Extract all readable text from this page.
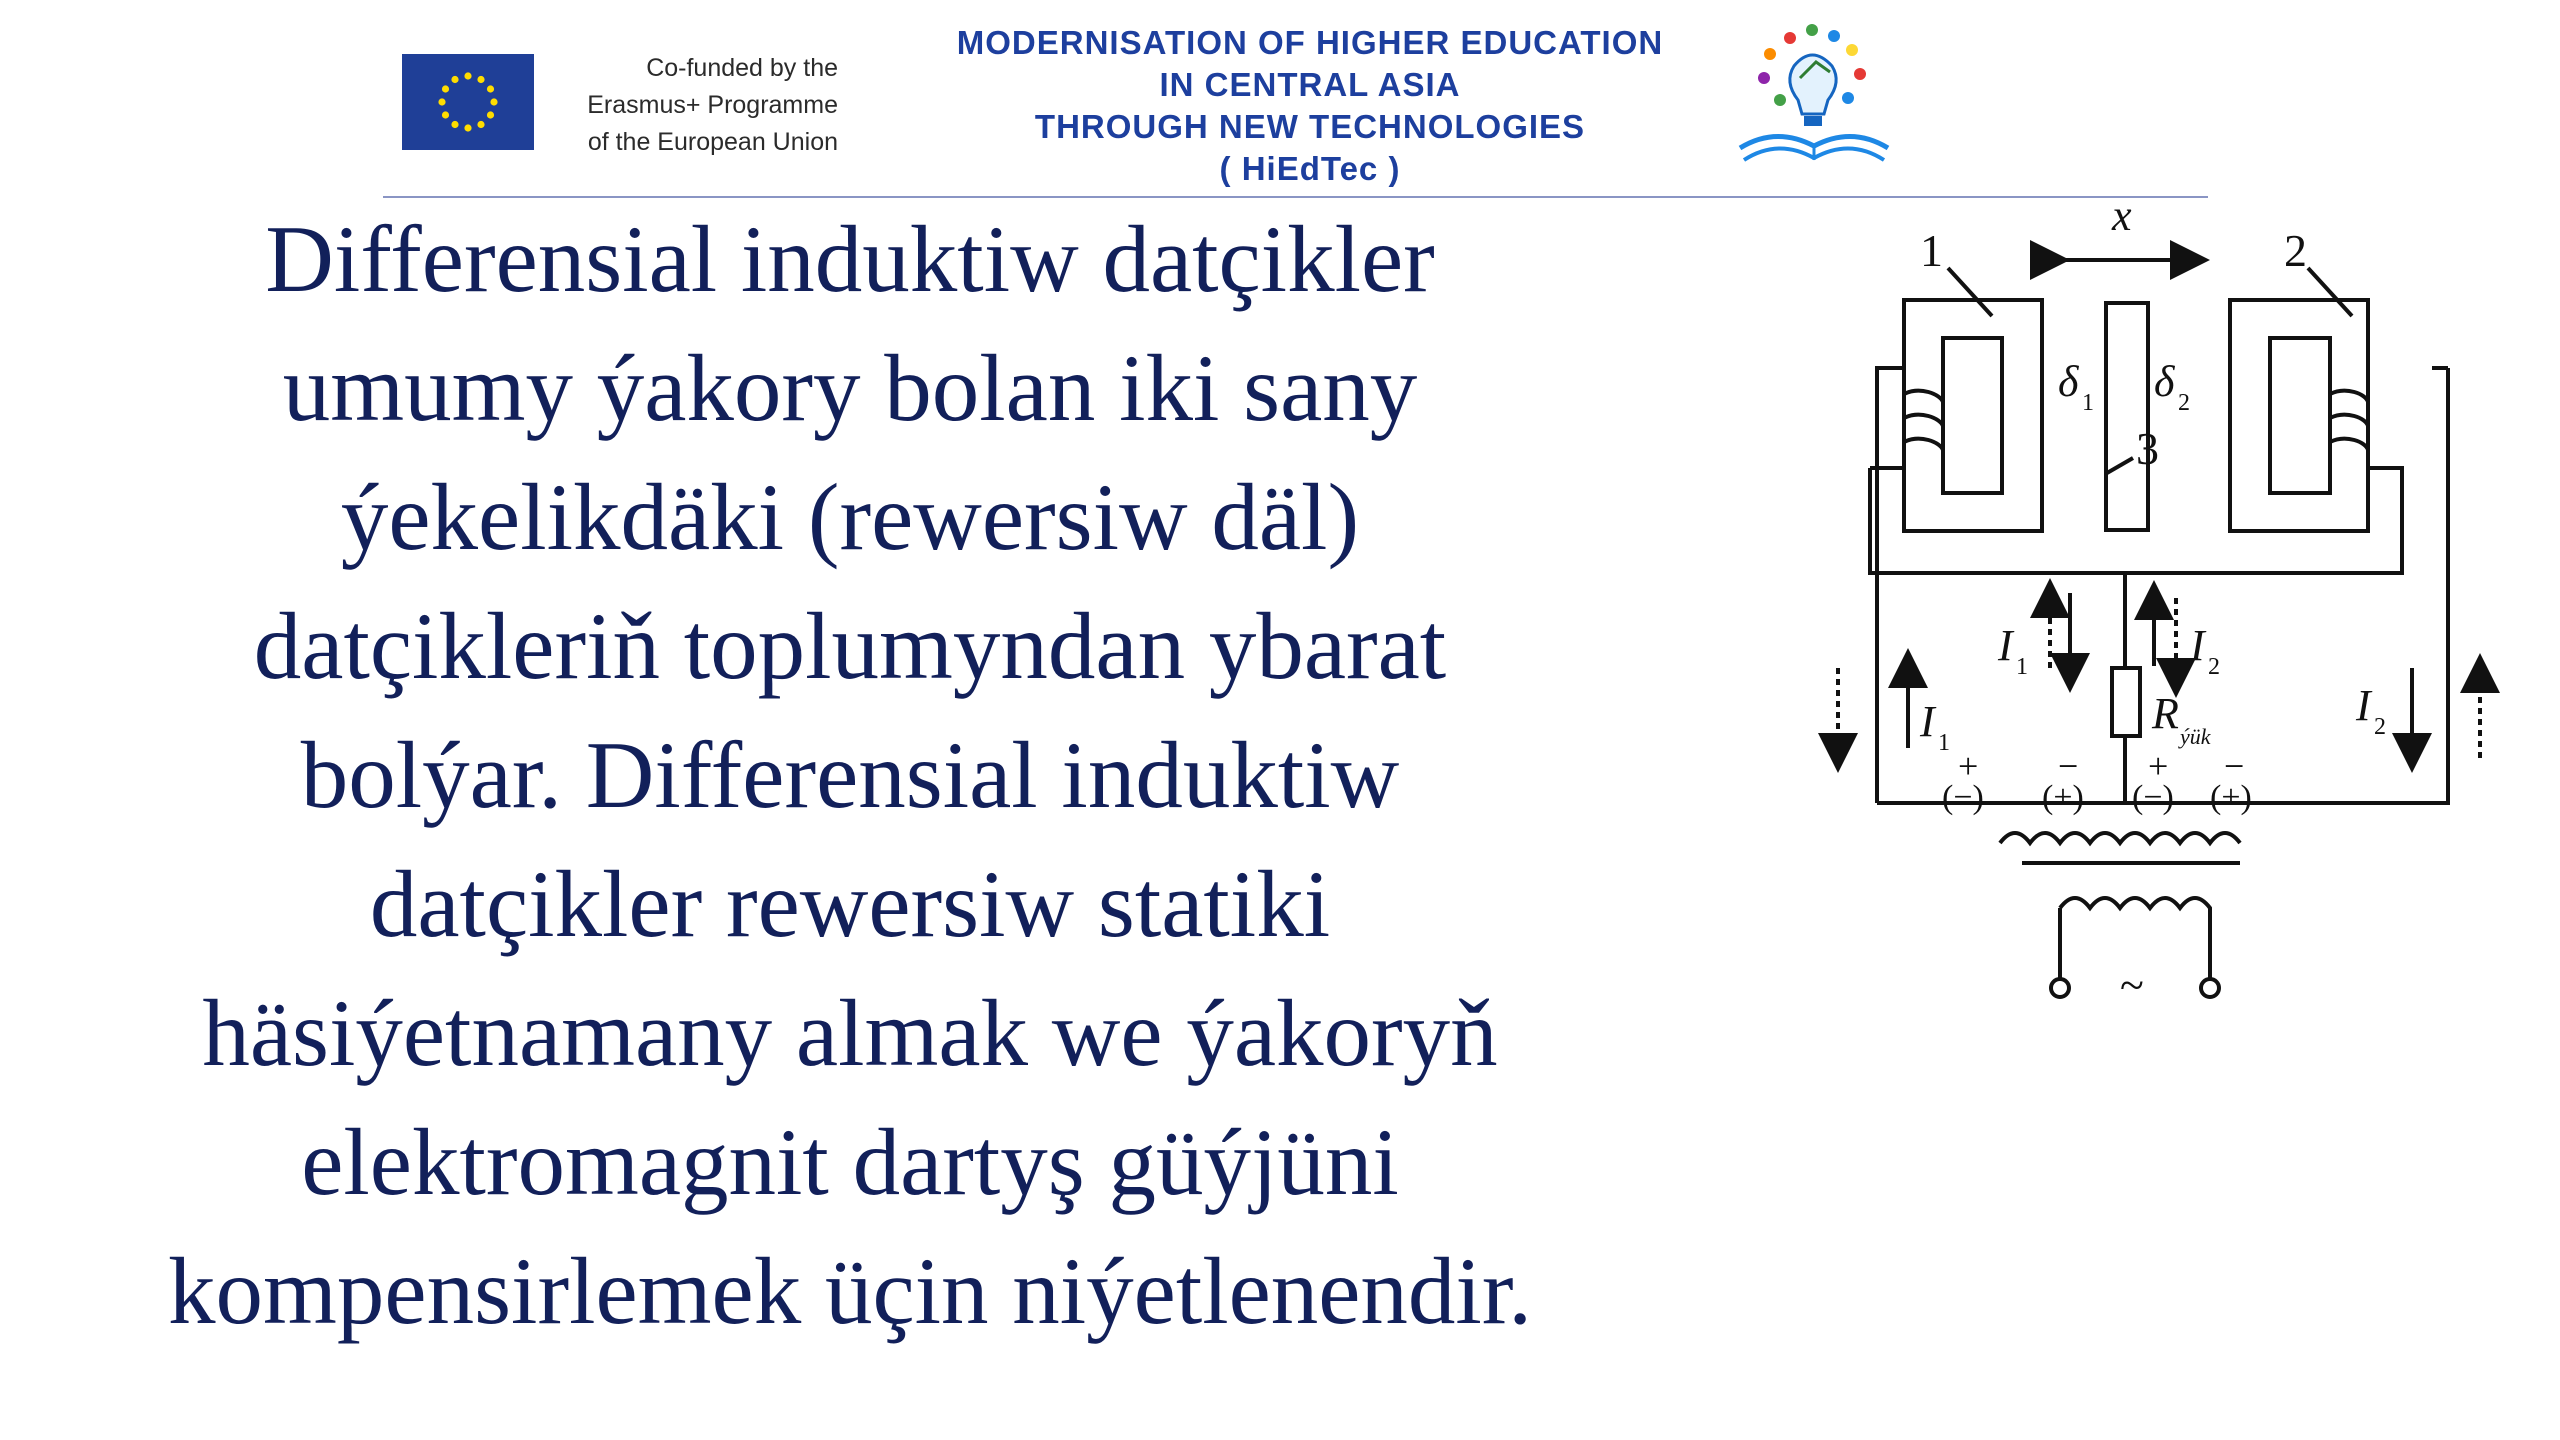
Co-funded by the
Erasmus+ Programme
of the European Union
MODERNISATION OF HIGHER EDUCATION
IN CENTRAL ASIA
THROUGH NEW TECHNOLOGIES
( HiEdTec )
Differensial induktiw datçikler
umumy ýakory bolan iki sany
ýekelikdäki (rewersiw däl)
datçikleriň toplumyndan ybarat
bolýar. Differensial induktiw
datçikler rewersiw statiki
häsiýetnamany almak we ýakoryň
elektromagnit dartyş güýjüni
kompensirlemek üçin niýetlenendir.
x
1	2
3
δ 1 δ 2
I 1
I 1	I 2
I 2
R ýük
+
(−)
−
(+)
+
(−)
−
(+)
~
